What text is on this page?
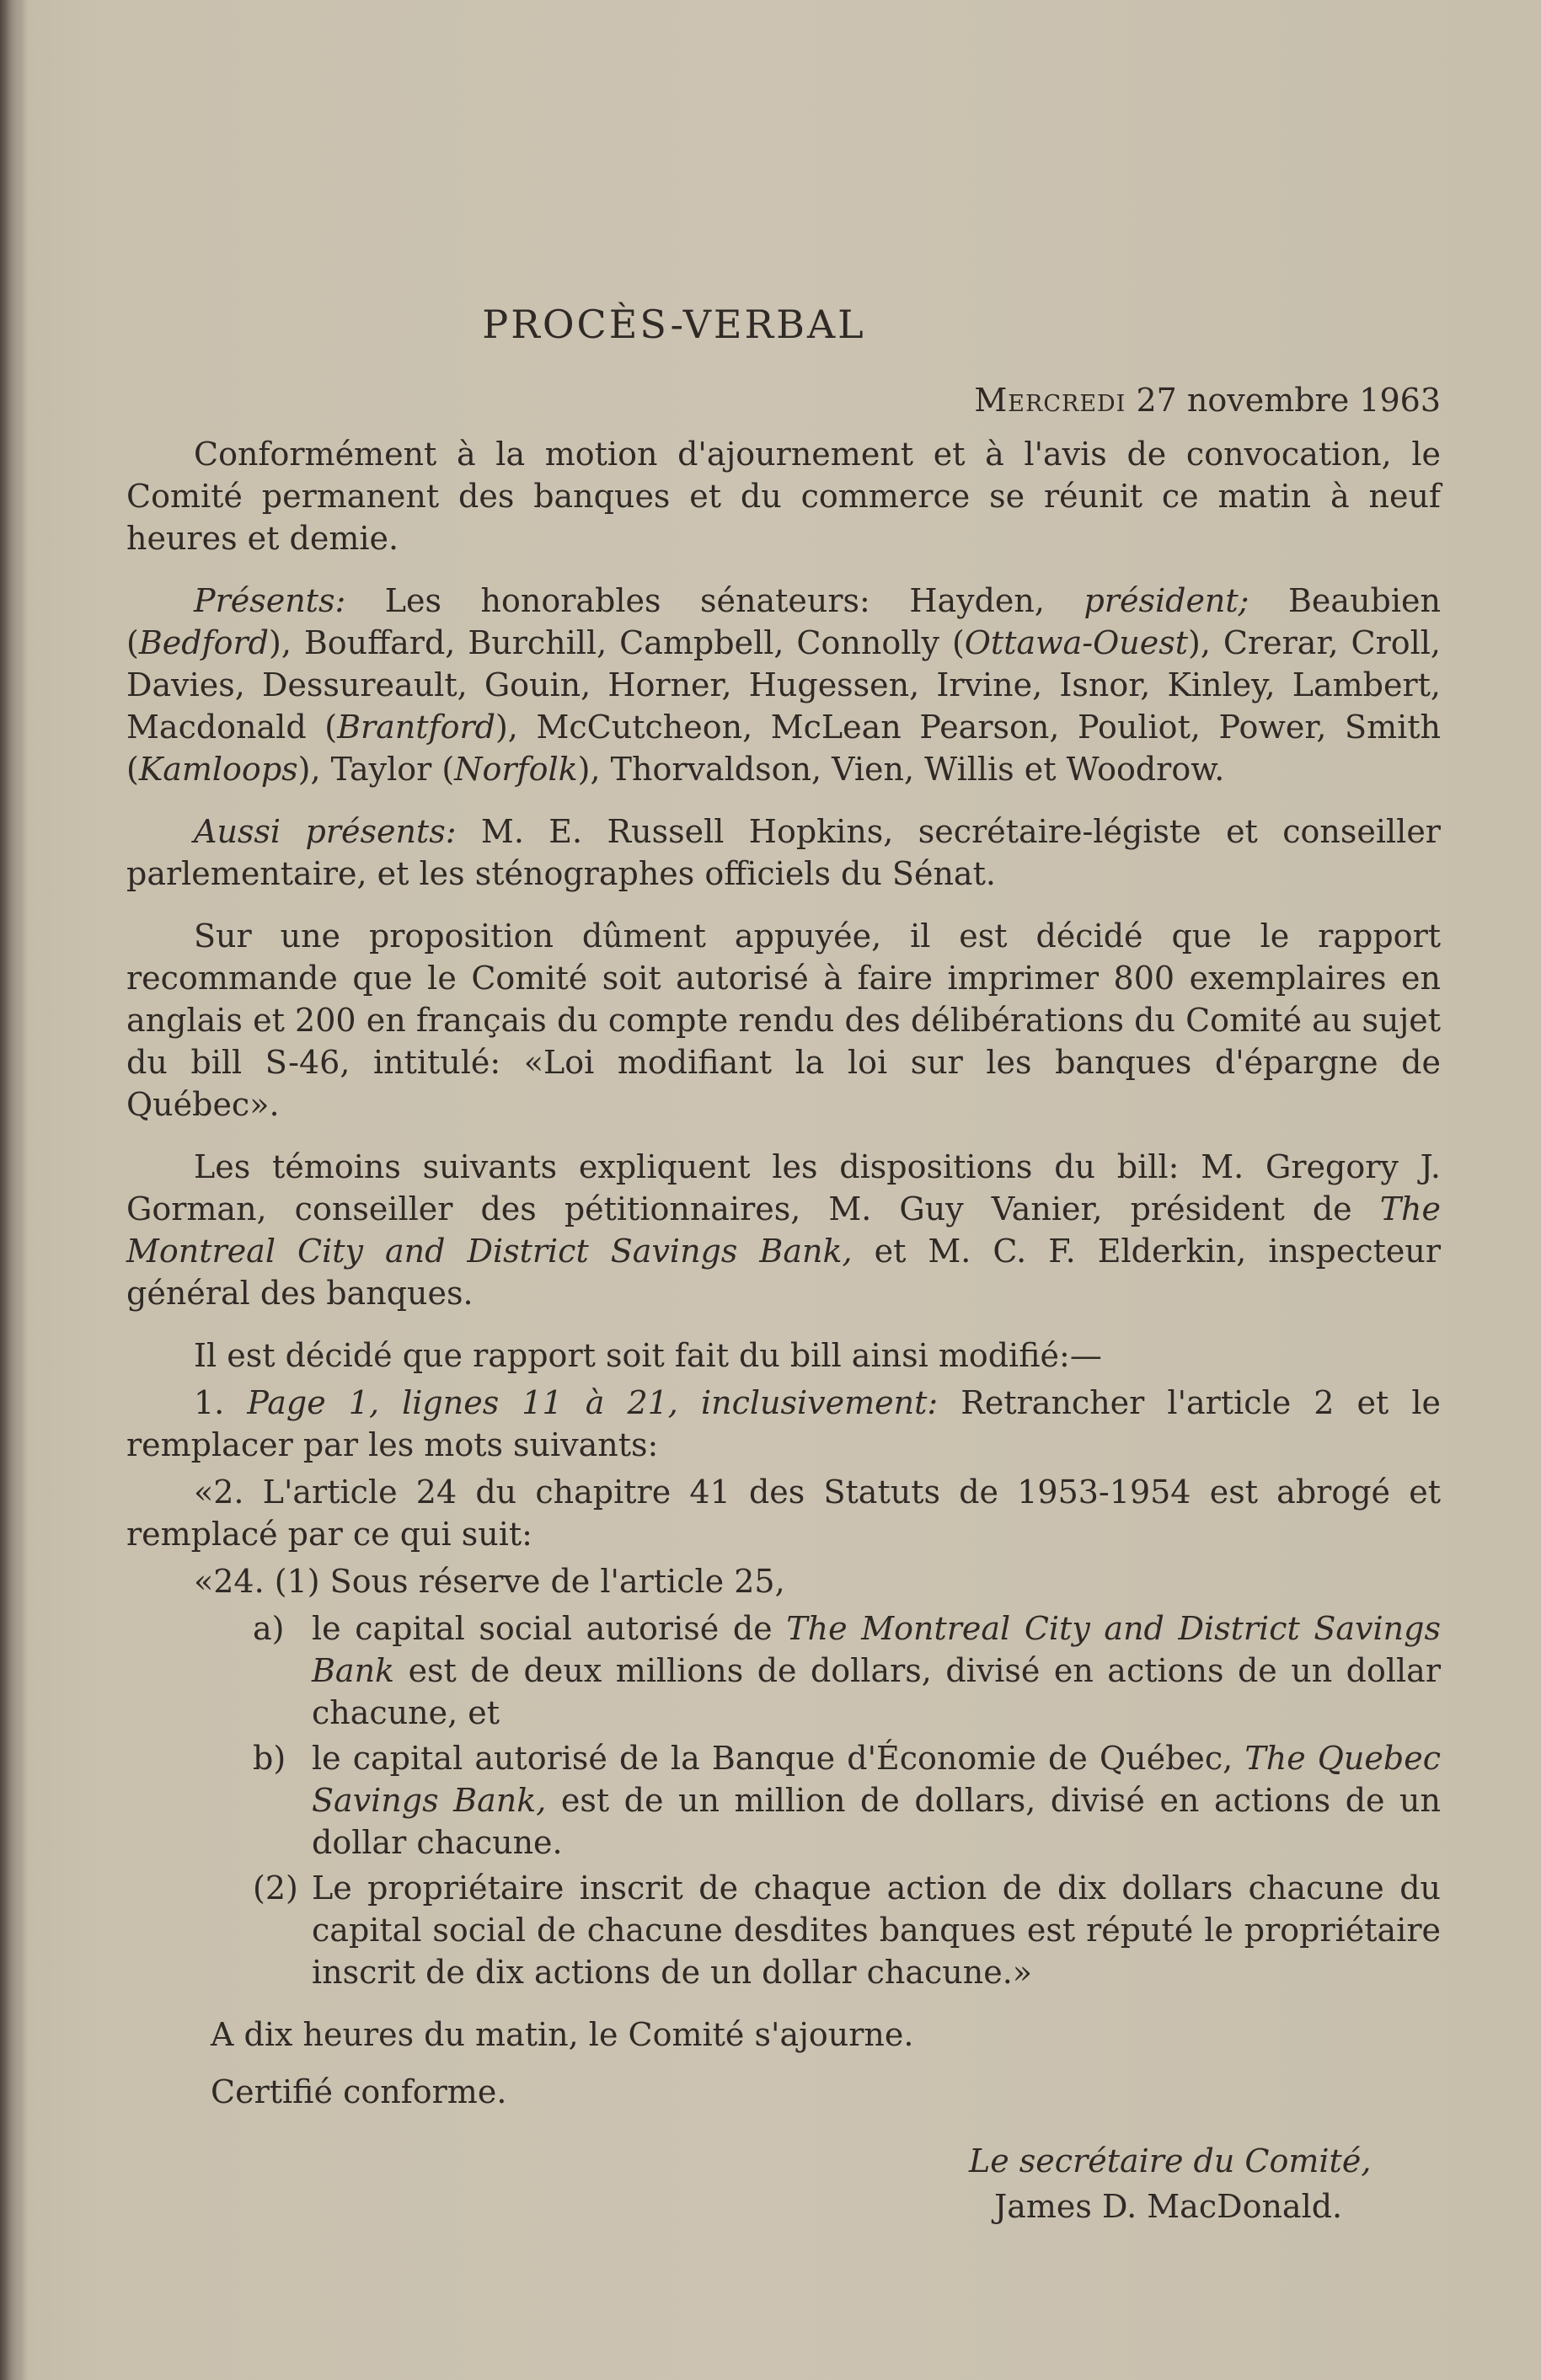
PROCÈS-VERBAL
Mercredi 27 novembre 1963

Conformément à la motion d'ajournement et à l'avis de convocation, le Comité permanent des banques et du commerce se réunit ce matin à neuf heures et demie.

Présents: Les honorables sénateurs: Hayden, président; Beaubien (Bedford), Bouffard, Burchill, Campbell, Connolly (Ottawa-Ouest), Crerar, Croll, Davies, Dessureault, Gouin, Horner, Hugessen, Irvine, Isnor, Kinley, Lambert, Macdonald (Brantford), McCutcheon, McLean Pearson, Pouliot, Power, Smith (Kamloops), Taylor (Norfolk), Thorvaldson, Vien, Willis et Woodrow.

Aussi présents: M. E. Russell Hopkins, secrétaire-légiste et conseiller parlementaire, et les sténographes officiels du Sénat.

Sur une proposition dûment appuyée, il est décidé que le rapport recommande que le Comité soit autorisé à faire imprimer 800 exemplaires en anglais et 200 en français du compte rendu des délibérations du Comité au sujet du bill S-46, intitulé: «Loi modifiant la loi sur les banques d'épargne de Québec».

Les témoins suivants expliquent les dispositions du bill: M. Gregory J. Gorman, conseiller des pétitionnaires, M. Guy Vanier, président de The Montreal City and District Savings Bank, et M. C. F. Elderkin, inspecteur général des banques.

Il est décidé que rapport soit fait du bill ainsi modifié:—

1. Page 1, lignes 11 à 21, inclusivement: Retrancher l'article 2 et le remplacer par les mots suivants:

«2. L'article 24 du chapitre 41 des Statuts de 1953-1954 est abrogé et remplacé par ce qui suit:

«24. (1) Sous réserve de l'article 25,

a) le capital social autorisé de The Montreal City and District Savings Bank est de deux millions de dollars, divisé en actions de un dollar chacune, et
b) le capital autorisé de la Banque d'Économie de Québec, The Quebec Savings Bank, est de un million de dollars, divisé en actions de un dollar chacune.
(2) Le propriétaire inscrit de chaque action de dix dollars chacune du capital social de chacune desdites banques est réputé le propriétaire inscrit de dix actions de un dollar chacune.»

A dix heures du matin, le Comité s'ajourne.

Certifié conforme.

Le secrétaire du Comité,
James D. MacDonald.
